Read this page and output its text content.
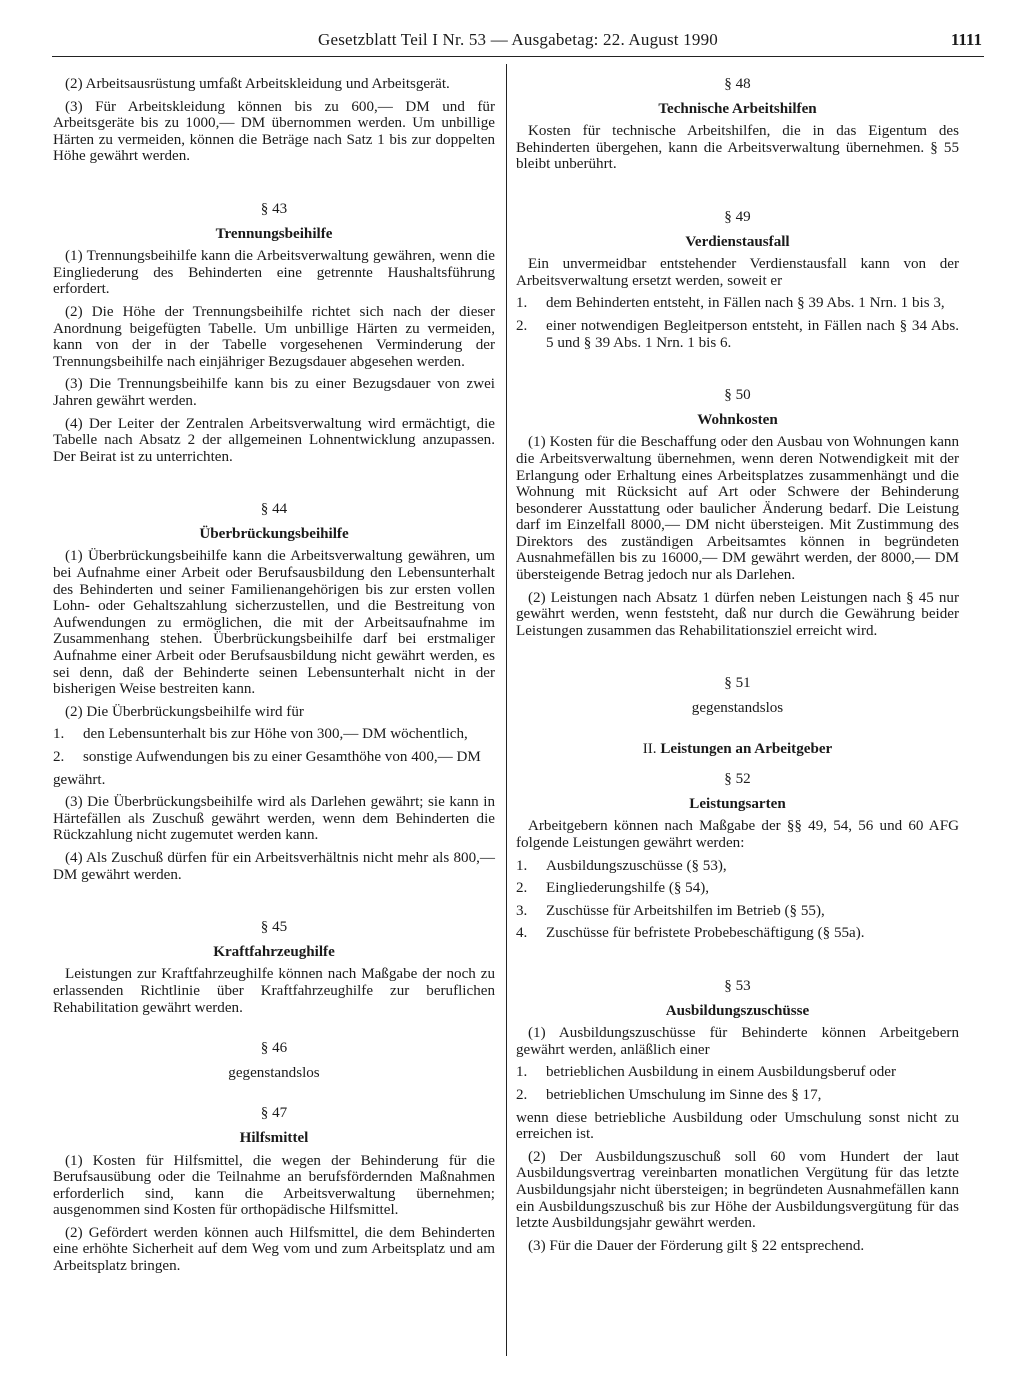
Gesetzblatt Teil I Nr. 53 — Ausgabetag: 22. August 1990	1111

(2) Arbeitsausrüstung umfaßt Arbeitskleidung und Arbeitsgerät.

(3) Für Arbeitskleidung können bis zu 600,— DM und für Arbeitsgeräte bis zu 1000,— DM übernommen werden. Um unbillige Härten zu vermeiden, können die Beträge nach Satz 1 bis zur doppelten Höhe gewährt werden.

§ 43

Trennungsbeihilfe

(1) Trennungsbeihilfe kann die Arbeitsverwaltung gewähren, wenn die Eingliederung des Behinderten eine getrennte Haushaltsführung erfordert.

(2) Die Höhe der Trennungsbeihilfe richtet sich nach der dieser Anordnung beigefügten Tabelle. Um unbillige Härten zu vermeiden, kann von der in der Tabelle vorgesehenen Verminderung der Trennungsbeihilfe nach einjähriger Bezugsdauer abgesehen werden.

(3) Die Trennungsbeihilfe kann bis zu einer Bezugsdauer von zwei Jahren gewährt werden.

(4) Der Leiter der Zentralen Arbeitsverwaltung wird ermächtigt, die Tabelle nach Absatz 2 der allgemeinen Lohnentwicklung anzupassen. Der Beirat ist zu unterrichten.

§ 44

Überbrückungsbeihilfe

(1) Überbrückungsbeihilfe kann die Arbeitsverwaltung gewähren, um bei Aufnahme einer Arbeit oder Berufsausbildung den Lebensunterhalt des Behinderten und seiner Familienangehörigen bis zur ersten vollen Lohn- oder Gehaltszahlung sicherzustellen, und die Bestreitung von Aufwendungen zu ermöglichen, die mit der Arbeitsaufnahme im Zusammenhang stehen. Überbrückungsbeihilfe darf bei erstmaliger Aufnahme einer Arbeit oder Berufsausbildung nicht gewährt werden, es sei denn, daß der Behinderte seinen Lebensunterhalt nicht in der bisherigen Weise bestreiten kann.

(2) Die Überbrückungsbeihilfe wird für

1.	den Lebensunterhalt bis zur Höhe von 300,— DM wöchentlich,
2.	sonstige Aufwendungen bis zu einer Gesamthöhe von 400,— DM

gewährt.

(3) Die Überbrückungsbeihilfe wird als Darlehen gewährt; sie kann in Härtefällen als Zuschuß gewährt werden, wenn dem Behinderten die Rückzahlung nicht zugemutet werden kann.

(4) Als Zuschuß dürfen für ein Arbeitsverhältnis nicht mehr als 800,— DM gewährt werden.

§ 45

Kraftfahrzeughilfe

Leistungen zur Kraftfahrzeughilfe können nach Maßgabe der noch zu erlassenden Richtlinie über Kraftfahrzeughilfe zur beruflichen Rehabilitation gewährt werden.

§ 46

gegenstandslos

§ 47

Hilfsmittel

(1) Kosten für Hilfsmittel, die wegen der Behinderung für die Berufsausübung oder die Teilnahme an berufsfördernden Maßnahmen erforderlich sind, kann die Arbeitsverwaltung übernehmen; ausgenommen sind Kosten für orthopädische Hilfsmittel.

(2) Gefördert werden können auch Hilfsmittel, die dem Behinderten eine erhöhte Sicherheit auf dem Weg vom und zum Arbeitsplatz und am Arbeitsplatz bringen.

§ 48

Technische Arbeitshilfen

Kosten für technische Arbeitshilfen, die in das Eigentum des Behinderten übergehen, kann die Arbeitsverwaltung übernehmen. § 55 bleibt unberührt.

§ 49

Verdienstausfall

Ein unvermeidbar entstehender Verdienstausfall kann von der Arbeitsverwaltung ersetzt werden, soweit er

1.	dem Behinderten entsteht, in Fällen nach § 39 Abs. 1 Nrn. 1 bis 3,
2.	einer notwendigen Begleitperson entsteht, in Fällen nach § 34 Abs. 5 und § 39 Abs. 1 Nrn. 1 bis 6.

§ 50

Wohnkosten

(1) Kosten für die Beschaffung oder den Ausbau von Wohnungen kann die Arbeitsverwaltung übernehmen, wenn deren Notwendigkeit mit der Erlangung oder Erhaltung eines Arbeitsplatzes zusammenhängt und die Wohnung mit Rücksicht auf Art oder Schwere der Behinderung besonderer Ausstattung oder baulicher Änderung bedarf. Die Leistung darf im Einzelfall 8000,— DM nicht übersteigen. Mit Zustimmung des Direktors des zuständigen Arbeitsamtes können in begründeten Ausnahmefällen bis zu 16000,— DM gewährt werden, der 8000,— DM übersteigende Betrag jedoch nur als Darlehen.

(2) Leistungen nach Absatz 1 dürfen neben Leistungen nach § 45 nur gewährt werden, wenn feststeht, daß nur durch die Gewährung beider Leistungen zusammen das Rehabilitationsziel erreicht wird.

§ 51

gegenstandslos

II. Leistungen an Arbeitgeber

§ 52

Leistungsarten

Arbeitgebern können nach Maßgabe der §§ 49, 54, 56 und 60 AFG folgende Leistungen gewährt werden:

1.	Ausbildungszuschüsse (§ 53),
2.	Eingliederungshilfe (§ 54),
3.	Zuschüsse für Arbeitshilfen im Betrieb (§ 55),
4.	Zuschüsse für befristete Probebeschäftigung (§ 55a).

§ 53

Ausbildungszuschüsse

(1) Ausbildungszuschüsse für Behinderte können Arbeitgebern gewährt werden, anläßlich einer

1.	betrieblichen Ausbildung in einem Ausbildungsberuf oder
2.	betrieblichen Umschulung im Sinne des § 17,

wenn diese betriebliche Ausbildung oder Umschulung sonst nicht zu erreichen ist.

(2) Der Ausbildungszuschuß soll 60 vom Hundert der laut Ausbildungsvertrag vereinbarten monatlichen Vergütung für das letzte Ausbildungsjahr nicht übersteigen; in begründeten Ausnahmefällen kann ein Ausbildungszuschuß bis zur Höhe der Ausbildungsvergütung für das letzte Ausbildungsjahr gewährt werden.

(3) Für die Dauer der Förderung gilt § 22 entsprechend.
